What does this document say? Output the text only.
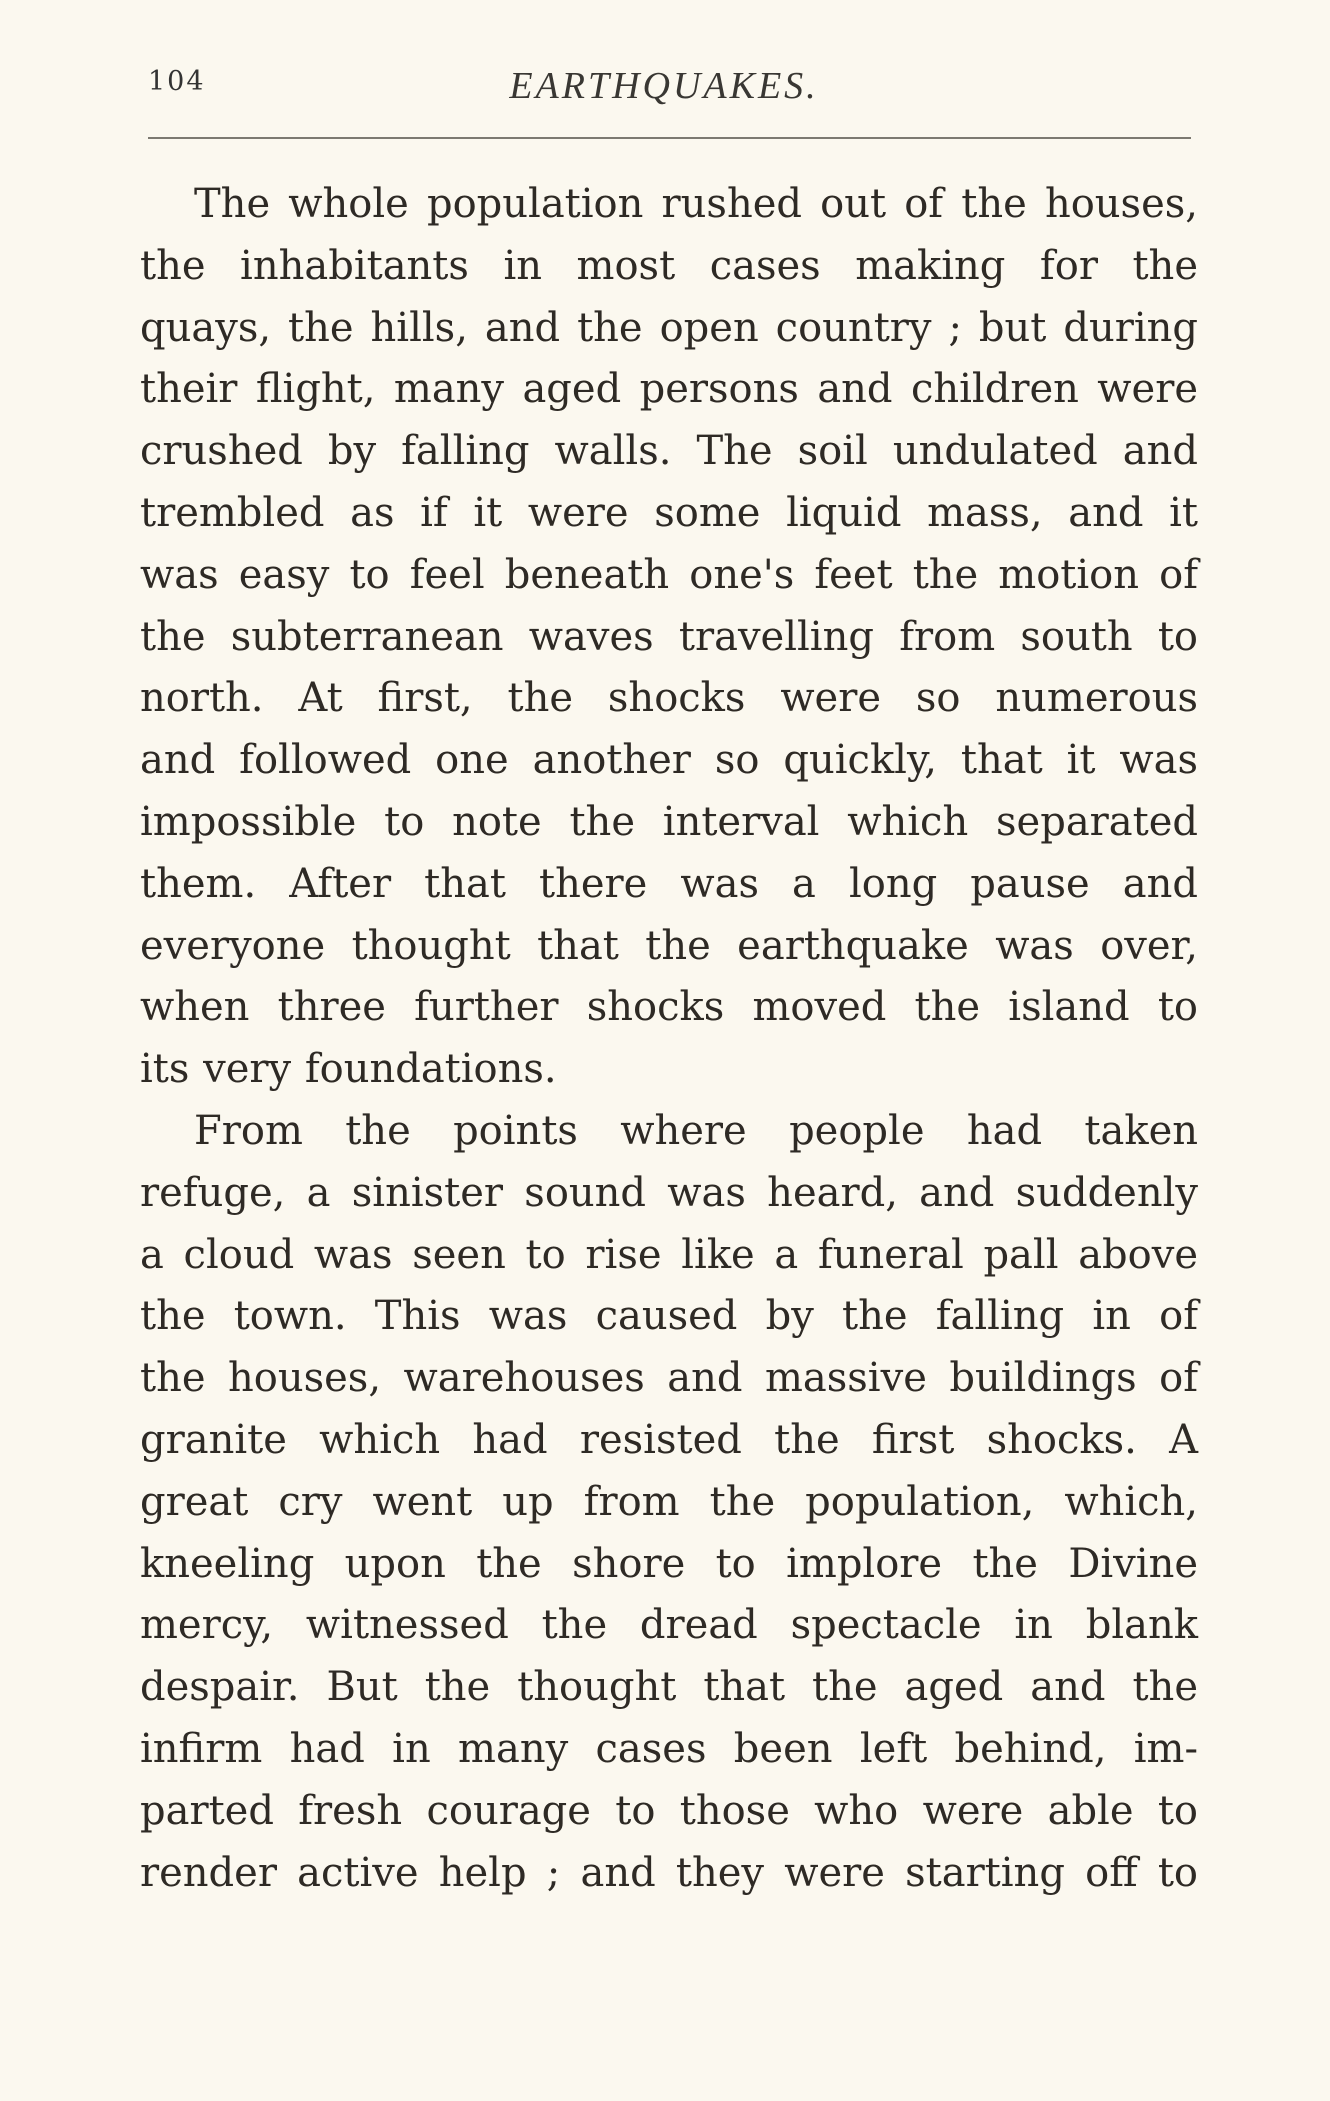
104	EARTHQUAKES.
The whole population rushed out of the houses,
the inhabitants in most cases making for the
quays, the hills, and the open country ; but during
their flight, many aged persons and children were
crushed by falling walls. The soil undulated and
trembled as if it were some liquid mass, and it
was easy to feel beneath one's feet the motion of
the subterranean waves travelling from south to
north. At first, the shocks were so numerous
and followed one another so quickly, that it was
impossible to note the interval which separated
them. After that there was a long pause and
everyone thought that the earthquake was over,
when three further shocks moved the island to
its very foundations.
From the points where people had taken
refuge, a sinister sound was heard, and suddenly
a cloud was seen to rise like a funeral pall above
the town. This was caused by the falling in of
the houses, warehouses and massive buildings of
granite which had resisted the first shocks. A
great cry went up from the population, which,
kneeling upon the shore to implore the Divine
mercy, witnessed the dread spectacle in blank
despair. But the thought that the aged and the
infirm had in many cases been left behind, im-
parted fresh courage to those who were able to
render active help ; and they were starting off to
